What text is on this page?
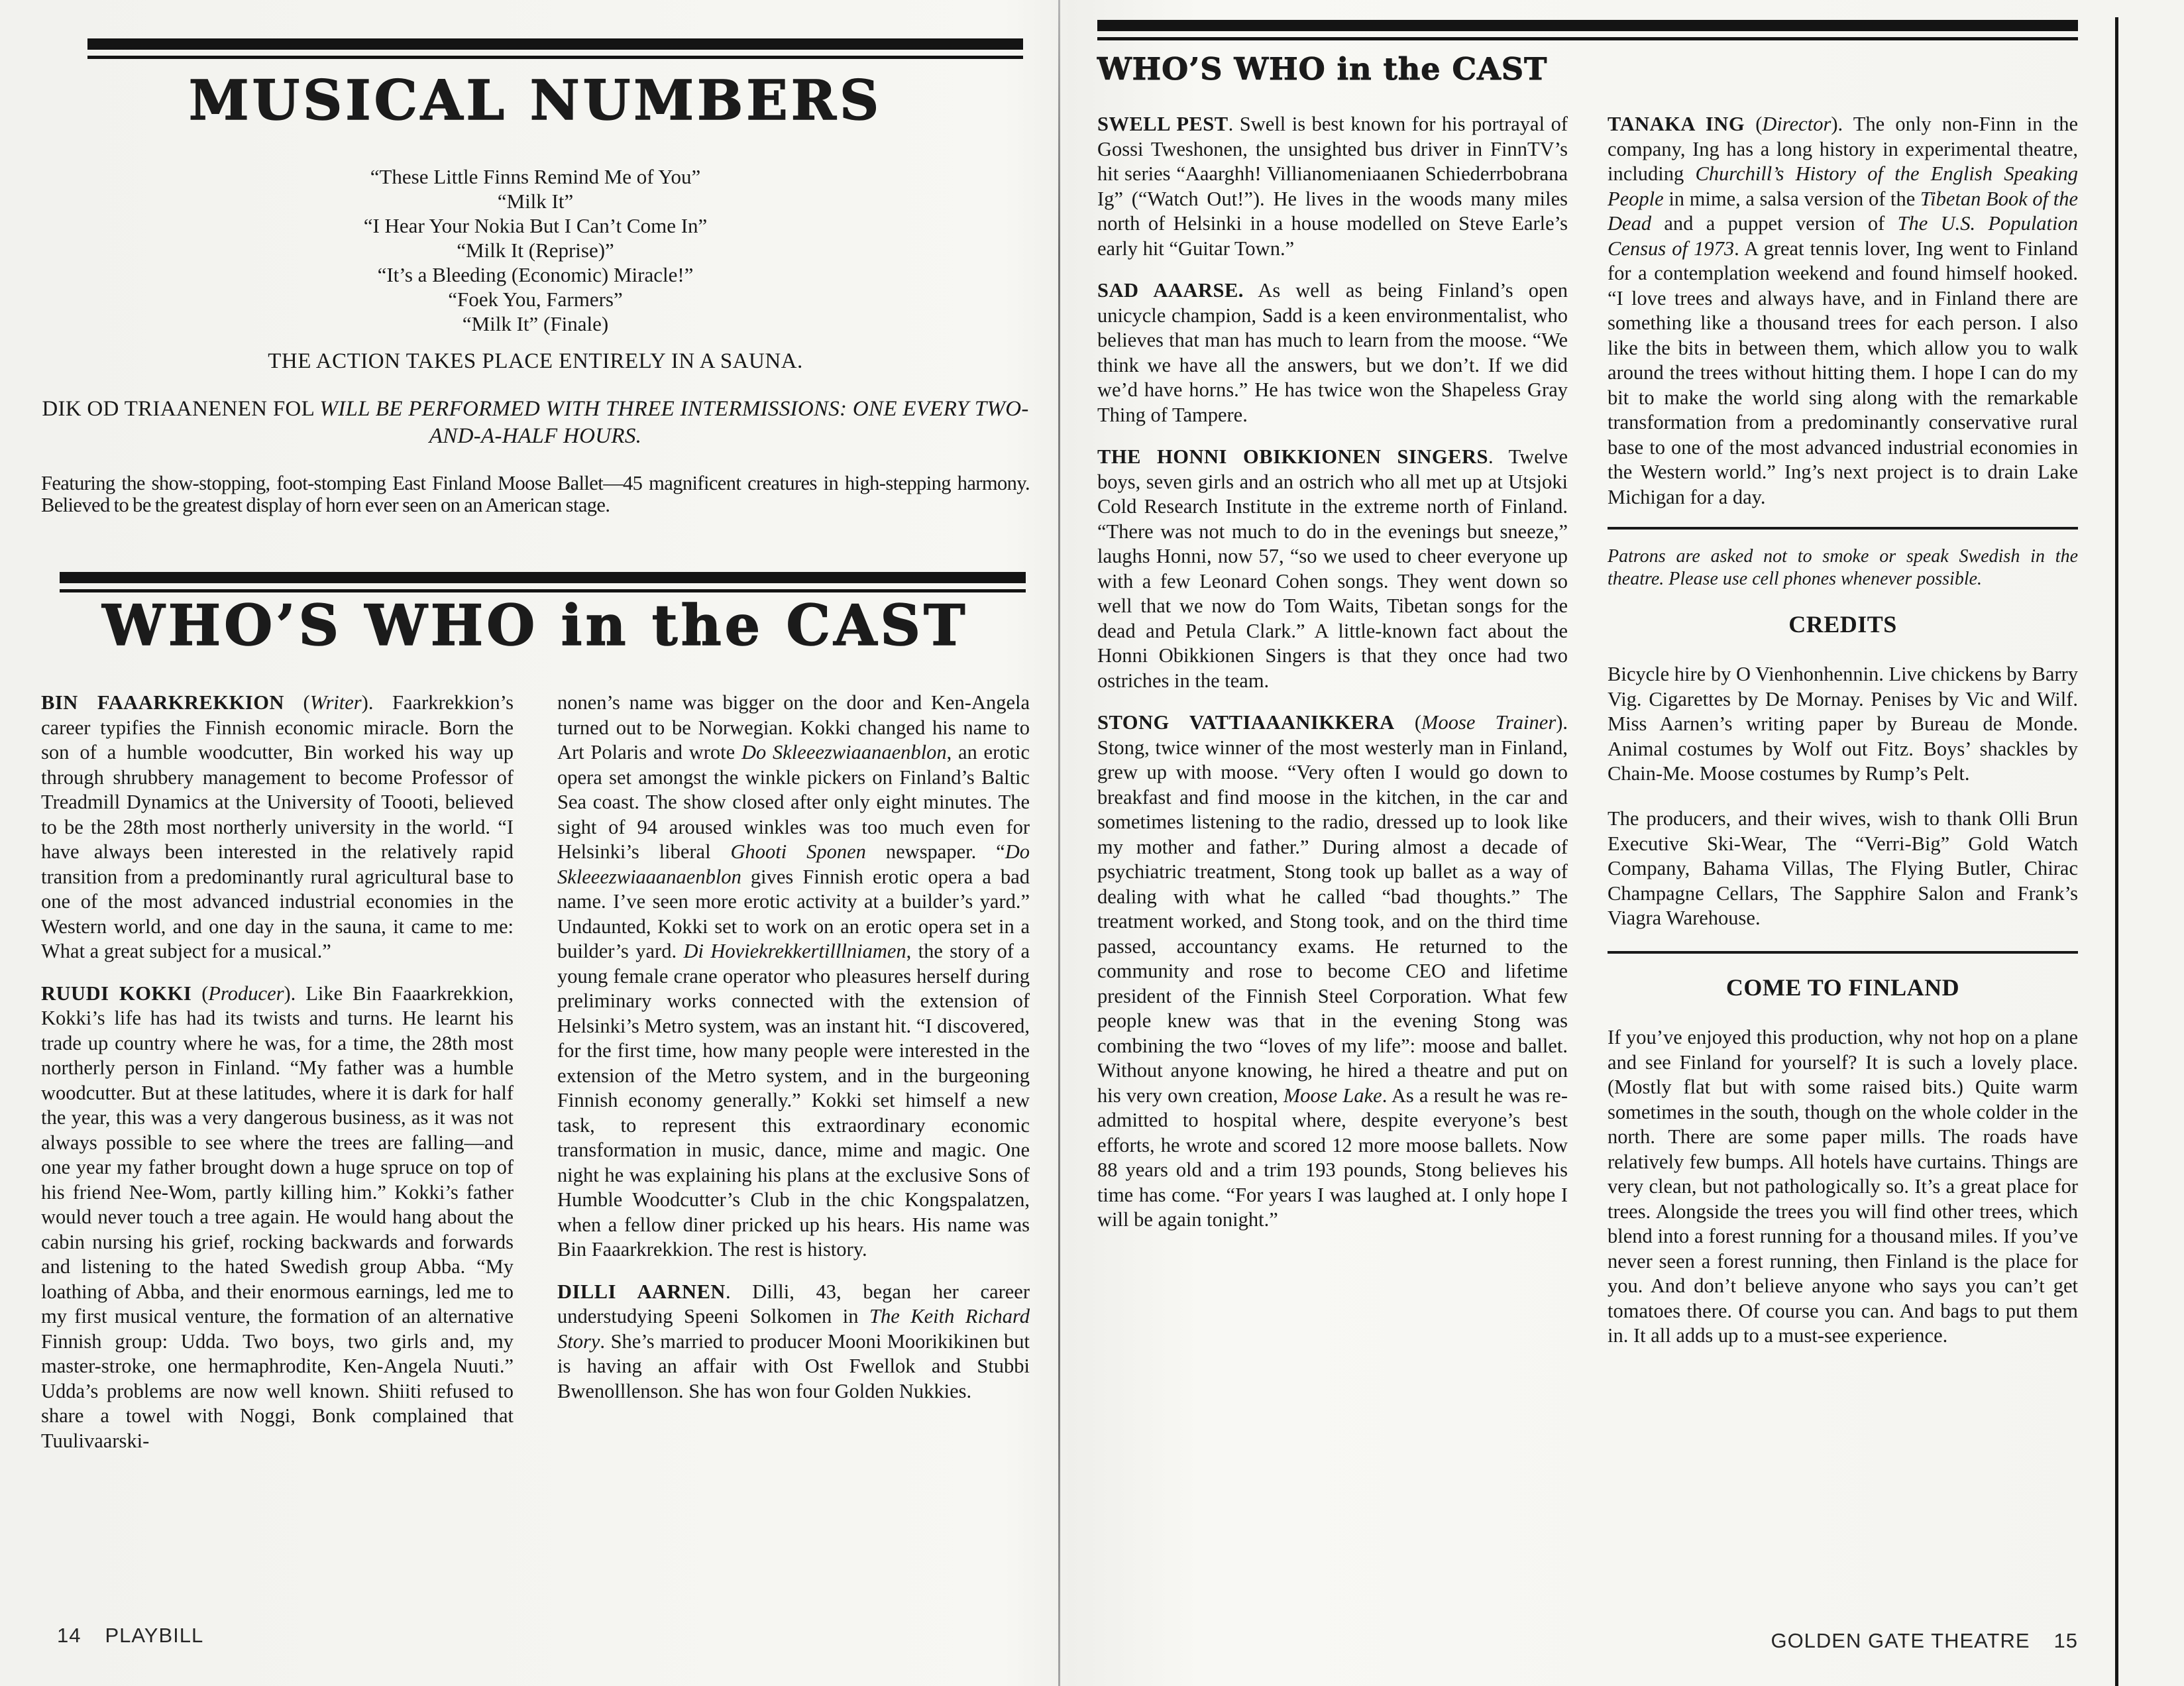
MUSICAL NUMBERS
“These Little Finns Remind Me of You”
“Milk It”
“I Hear Your Nokia But I Can’t Come In”
“Milk It (Reprise)”
“It’s a Bleeding (Economic) Miracle!”
“Foek You, Farmers”
“Milk It” (Finale)

THE ACTION TAKES PLACE ENTIRELY IN A SAUNA.

DIK OD TRIAANENEN FOL WILL BE PERFORMED WITH THREE INTERMISSIONS: ONE EVERY TWO-AND-A-HALF HOURS.

Featuring the show-stopping, foot-stomping East Finland Moose Ballet—45 magnificent creatures in high-stepping harmony. Believed to be the greatest display of horn ever seen on an American stage.

WHO’S WHO in the CAST

BIN FAAARKREKKION (Writer). Faarkrekkion’s career typifies the Finnish economic miracle. Born the son of a humble woodcutter, Bin worked his way up through shrubbery management to become Professor of Treadmill Dynamics at the University of Toooti, believed to be the 28th most northerly university in the world. “I have always been interested in the relatively rapid transition from a predominantly rural agricultural base to one of the most advanced industrial economies in the Western world, and one day in the sauna, it came to me: What a great subject for a musical.”

RUUDI KOKKI (Producer). Like Bin Faaarkrekkion, Kokki’s life has had its twists and turns. He learnt his trade up country where he was, for a time, the 28th most northerly person in Finland. “My father was a humble woodcutter. But at these latitudes, where it is dark for half the year, this was a very dangerous business, as it was not always possible to see where the trees are falling—and one year my father brought down a huge spruce on top of his friend Nee-Wom, partly killing him.” Kokki’s father would never touch a tree again. He would hang about the cabin nursing his grief, rocking backwards and forwards and listening to the hated Swedish group Abba. “My loathing of Abba, and their enormous earnings, led me to my first musical venture, the formation of an alternative Finnish group: Udda. Two boys, two girls and, my master-stroke, one hermaphrodite, Ken-Angela Nuuti.” Udda’s problems are now well known. Shiiti refused to share a towel with Noggi, Bonk complained that Tuulivaarski-

nonen’s name was bigger on the door and Ken-Angela turned out to be Norwegian. Kokki changed his name to Art Polaris and wrote Do Skleeezwiaanaenblon, an erotic opera set amongst the winkle pickers on Finland’s Baltic Sea coast. The show closed after only eight minutes. The sight of 94 aroused winkles was too much even for Helsinki’s liberal Ghooti Sponen newspaper. “Do Skleeezwiaaanaenblon gives Finnish erotic opera a bad name. I’ve seen more erotic activity at a builder’s yard.” Undaunted, Kokki set to work on an erotic opera set in a builder’s yard. Di Hoviekrekkertilllniamen, the story of a young female crane operator who pleasures herself during preliminary works connected with the extension of Helsinki’s Metro system, was an instant hit. “I discovered, for the first time, how many people were interested in the extension of the Metro system, and in the burgeoning Finnish economy generally.” Kokki set himself a new task, to represent this extraordinary economic transformation in music, dance, mime and magic. One night he was explaining his plans at the exclusive Sons of Humble Woodcutter’s Club in the chic Kongspalatzen, when a fellow diner pricked up his hears. His name was Bin Faaarkrekkion. The rest is history.

DILLI AARNEN. Dilli, 43, began her career understudying Speeni Solkomen in The Keith Richard Story. She’s married to producer Mooni Moorikikinen but is having an affair with Ost Fwellok and Stubbi Bwenolllenson. She has won four Golden Nukkies.

WHO’S WHO in the CAST

SWELL PEST. Swell is best known for his portrayal of Gossi Tweshonen, the unsighted bus driver in FinnTV’s hit series “Aaarghh! Villianomeniaanen Schiederrbobrana Ig” (“Watch Out!”). He lives in the woods many miles north of Helsinki in a house modelled on Steve Earle’s early hit “Guitar Town.”

SAD AAARSE. As well as being Finland’s open unicycle champion, Sadd is a keen environmentalist, who believes that man has much to learn from the moose. “We think we have all the answers, but we don’t. If we did we’d have horns.” He has twice won the Shapeless Gray Thing of Tampere.

THE HONNI OBIKKIONEN SINGERS. Twelve boys, seven girls and an ostrich who all met up at Utsjoki Cold Research Institute in the extreme north of Finland. “There was not much to do in the evenings but sneeze,” laughs Honni, now 57, “so we used to cheer everyone up with a few Leonard Cohen songs. They went down so well that we now do Tom Waits, Tibetan songs for the dead and Petula Clark.” A little-known fact about the Honni Obikkionen Singers is that they once had two ostriches in the team.

STONG VATTIAAANIKKERA (Moose Trainer). Stong, twice winner of the most westerly man in Finland, grew up with moose. “Very often I would go down to breakfast and find moose in the kitchen, in the car and sometimes listening to the radio, dressed up to look like my mother and father.” During almost a decade of psychiatric treatment, Stong took up ballet as a way of dealing with what he called “bad thoughts.” The treatment worked, and Stong took, and on the third time passed, accountancy exams. He returned to the community and rose to become CEO and lifetime president of the Finnish Steel Corporation. What few people knew was that in the evening Stong was combining the two “loves of my life”: moose and ballet. Without anyone knowing, he hired a theatre and put on his very own creation, Moose Lake. As a result he was re-admitted to hospital where, despite everyone’s best efforts, he wrote and scored 12 more moose ballets. Now 88 years old and a trim 193 pounds, Stong believes his time has come. “For years I was laughed at. I only hope I will be again tonight.”

TANAKA ING (Director). The only non-Finn in the company, Ing has a long history in experimental theatre, including Churchill’s History of the English Speaking People in mime, a salsa version of the Tibetan Book of the Dead and a puppet version of The U.S. Population Census of 1973. A great tennis lover, Ing went to Finland for a contemplation weekend and found himself hooked. “I love trees and always have, and in Finland there are something like a thousand trees for each person. I also like the bits in between them, which allow you to walk around the trees without hitting them. I hope I can do my bit to make the world sing along with the remarkable transformation from a predominantly conservative rural base to one of the most advanced industrial economies in the Western world.” Ing’s next project is to drain Lake Michigan for a day.

Patrons are asked not to smoke or speak Swedish in the theatre. Please use cell phones whenever possible.

CREDITS

Bicycle hire by O Vienhonhennin. Live chickens by Barry Vig. Cigarettes by De Mornay. Penises by Vic and Wilf. Miss Aarnen’s writing paper by Bureau de Monde. Animal costumes by Wolf out Fitz. Boys’ shackles by Chain-Me. Moose costumes by Rump’s Pelt.

The producers, and their wives, wish to thank Olli Brun Executive Ski-Wear, The “Verri-Big” Gold Watch Company, Bahama Villas, The Flying Butler, Chirac Champagne Cellars, The Sapphire Salon and Frank’s Viagra Warehouse.

COME TO FINLAND

If you’ve enjoyed this production, why not hop on a plane and see Finland for yourself? It is such a lovely place. (Mostly flat but with some raised bits.) Quite warm sometimes in the south, though on the whole colder in the north. There are some paper mills. The roads have relatively few bumps. All hotels have curtains. Things are very clean, but not pathologically so. It’s a great place for trees. Alongside the trees you will find other trees, which blend into a forest running for a thousand miles. If you’ve never seen a forest running, then Finland is the place for you. And don’t believe anyone who says you can’t get tomatoes there. Of course you can. And bags to put them in. It all adds up to a must-see experience.

14 PLAYBILL	GOLDEN GATE THEATRE 15
